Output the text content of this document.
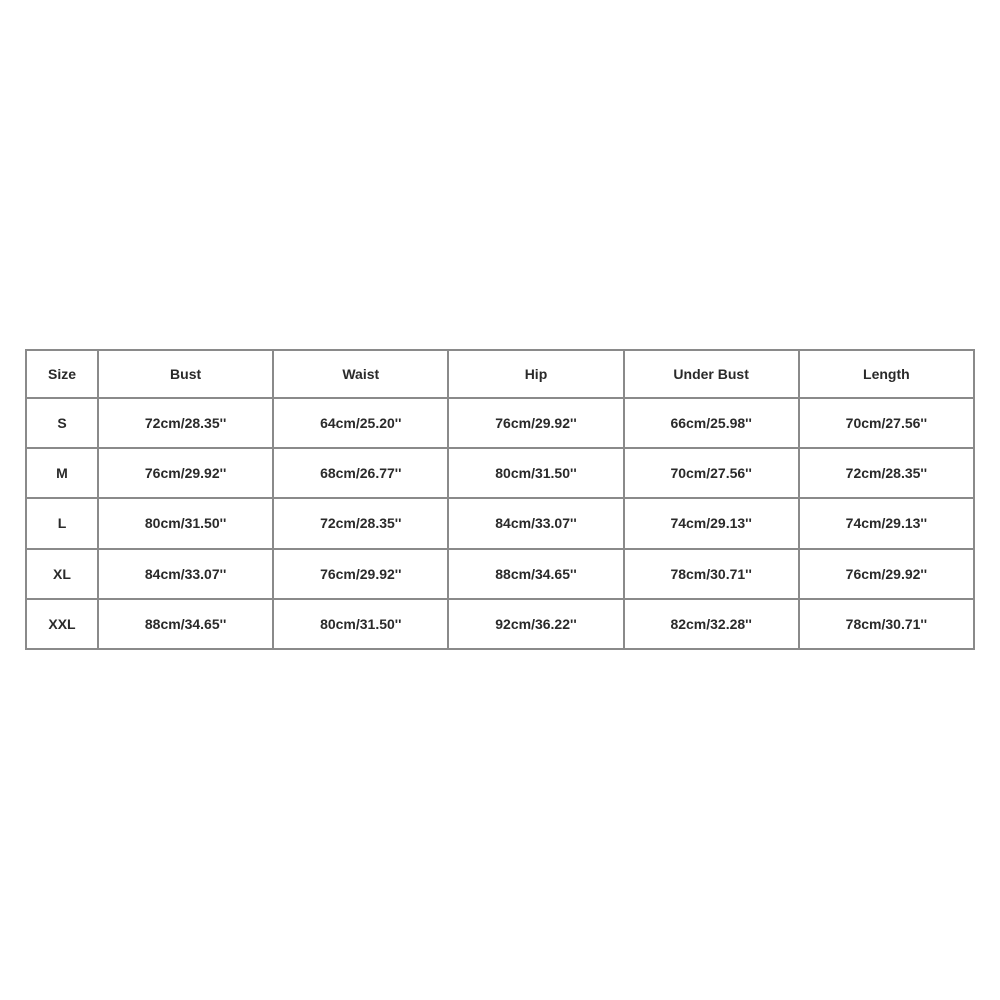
Size	Bust	Waist	Hip	Under Bust	Length
S	72cm/28.35''	64cm/25.20''	76cm/29.92''	66cm/25.98''	70cm/27.56''
M	76cm/29.92''	68cm/26.77''	80cm/31.50''	70cm/27.56''	72cm/28.35''
L	80cm/31.50''	72cm/28.35''	84cm/33.07''	74cm/29.13''	74cm/29.13''
XL	84cm/33.07''	76cm/29.92''	88cm/34.65''	78cm/30.71''	76cm/29.92''
XXL	88cm/34.65''	80cm/31.50''	92cm/36.22''	82cm/32.28''	78cm/30.71''
